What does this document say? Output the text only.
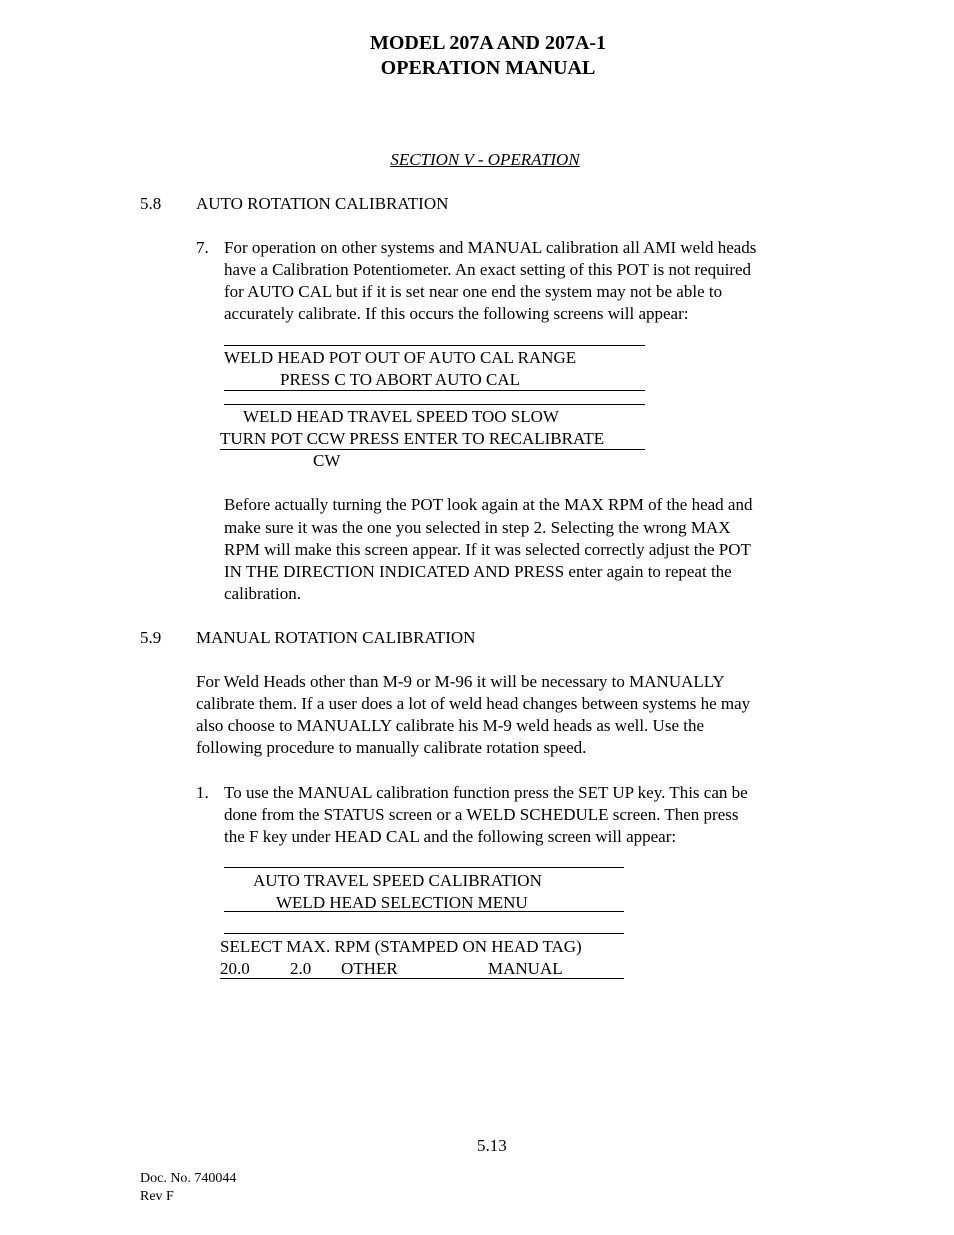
MODEL 207A AND 207A-1
OPERATION MANUAL
SECTION V - OPERATION
5.8 AUTO ROTATION CALIBRATION
7. For operation on other systems and MANUAL calibration all AMI weld heads
have a Calibration Potentiometer. An exact setting of this POT is not required
for AUTO CAL but if it is set near one end the system may not be able to
accurately calibrate. If this occurs the following screens will appear:
WELD HEAD POT OUT OF AUTO CAL RANGE
PRESS C TO ABORT AUTO CAL
WELD HEAD TRAVEL SPEED TOO SLOW
TURN POT CCW PRESS ENTER TO RECALIBRATE
CW
Before actually turning the POT look again at the MAX RPM of the head and
make sure it was the one you selected in step 2. Selecting the wrong MAX
RPM will make this screen appear. If it was selected correctly adjust the POT
IN THE DIRECTION INDICATED AND PRESS enter again to repeat the
calibration.
5.9 MANUAL ROTATION CALIBRATION
For Weld Heads other than M-9 or M-96 it will be necessary to MANUALLY
calibrate them. If a user does a lot of weld head changes between systems he may
also choose to MANUALLY calibrate his M-9 weld heads as well. Use the
following procedure to manually calibrate rotation speed.
1. To use the MANUAL calibration function press the SET UP key. This can be
done from the STATUS screen or a WELD SCHEDULE screen. Then press
the F key under HEAD CAL and the following screen will appear:
AUTO TRAVEL SPEED CALIBRATION
WELD HEAD SELECTION MENU
SELECT MAX. RPM (STAMPED ON HEAD TAG)
20.0 2.0 OTHER	MANUAL
5.13
Doc. No. 740044
Rev F
